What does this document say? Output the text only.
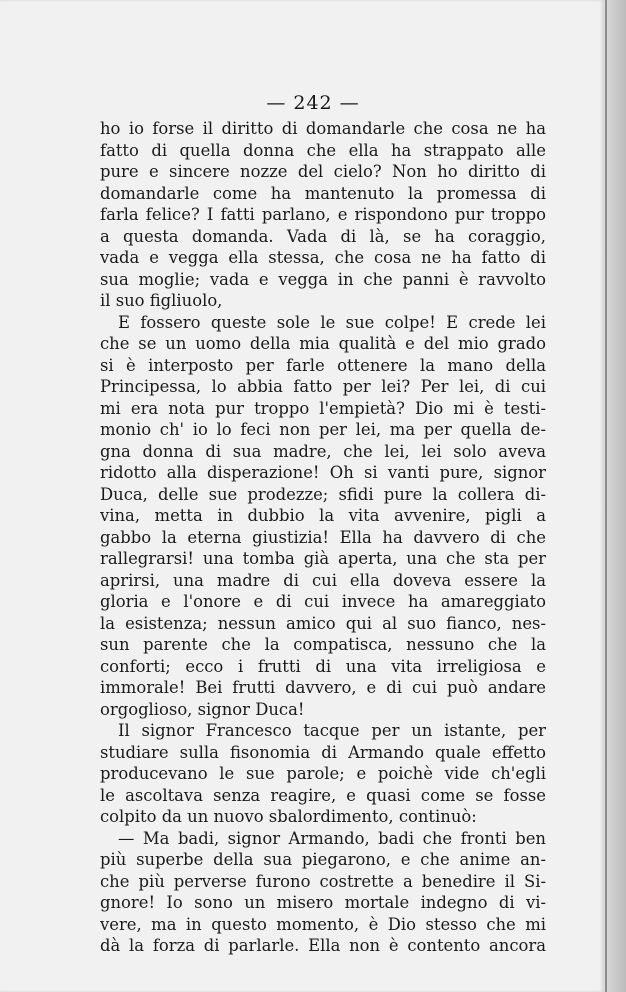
— 242 —
ho io forse il diritto di domandarle che cosa ne ha
fatto di quella donna che ella ha strappato alle
pure e sincere nozze del cielo? Non ho diritto di
domandarle come ha mantenuto la promessa di
farla felice? I fatti parlano, e rispondono pur troppo
a questa domanda. Vada di là, se ha coraggio,
vada e vegga ella stessa, che cosa ne ha fatto di
sua moglie; vada e vegga in che panni è ravvolto
il suo figliuolo,
E fossero queste sole le sue colpe! E crede lei
che se un uomo della mia qualità e del mio grado
si è interposto per farle ottenere la mano della
Principessa, lo abbia fatto per lei? Per lei, di cui
mi era nota pur troppo l'empietà? Dio mi è testi-
monio ch' io lo feci non per lei, ma per quella de-
gna donna di sua madre, che lei, lei solo aveva
ridotto alla disperazione! Oh si vanti pure, signor
Duca, delle sue prodezze; sfidi pure la collera di-
vina, metta in dubbio la vita avvenire, pigli a
gabbo la eterna giustizia! Ella ha davvero di che
rallegrarsi! una tomba già aperta, una che sta per
aprirsi, una madre di cui ella doveva essere la
gloria e l'onore e di cui invece ha amareggiato
la esistenza; nessun amico qui al suo fianco, nes-
sun parente che la compatisca, nessuno che la
conforti; ecco i frutti di una vita irreligiosa e
immorale! Bei frutti davvero, e di cui può andare
orgoglioso, signor Duca!
Il signor Francesco tacque per un istante, per
studiare sulla fisonomia di Armando quale effetto
producevano le sue parole; e poichè vide ch'egli
le ascoltava senza reagire, e quasi come se fosse
colpito da un nuovo sbalordimento, continuò:
— Ma badi, signor Armando, badi che fronti ben
più superbe della sua piegarono, e che anime an-
che più perverse furono costrette a benedire il Si-
gnore! Io sono un misero mortale indegno di vi-
vere, ma in questo momento, è Dio stesso che mi
dà la forza di parlarle. Ella non è contento ancora
